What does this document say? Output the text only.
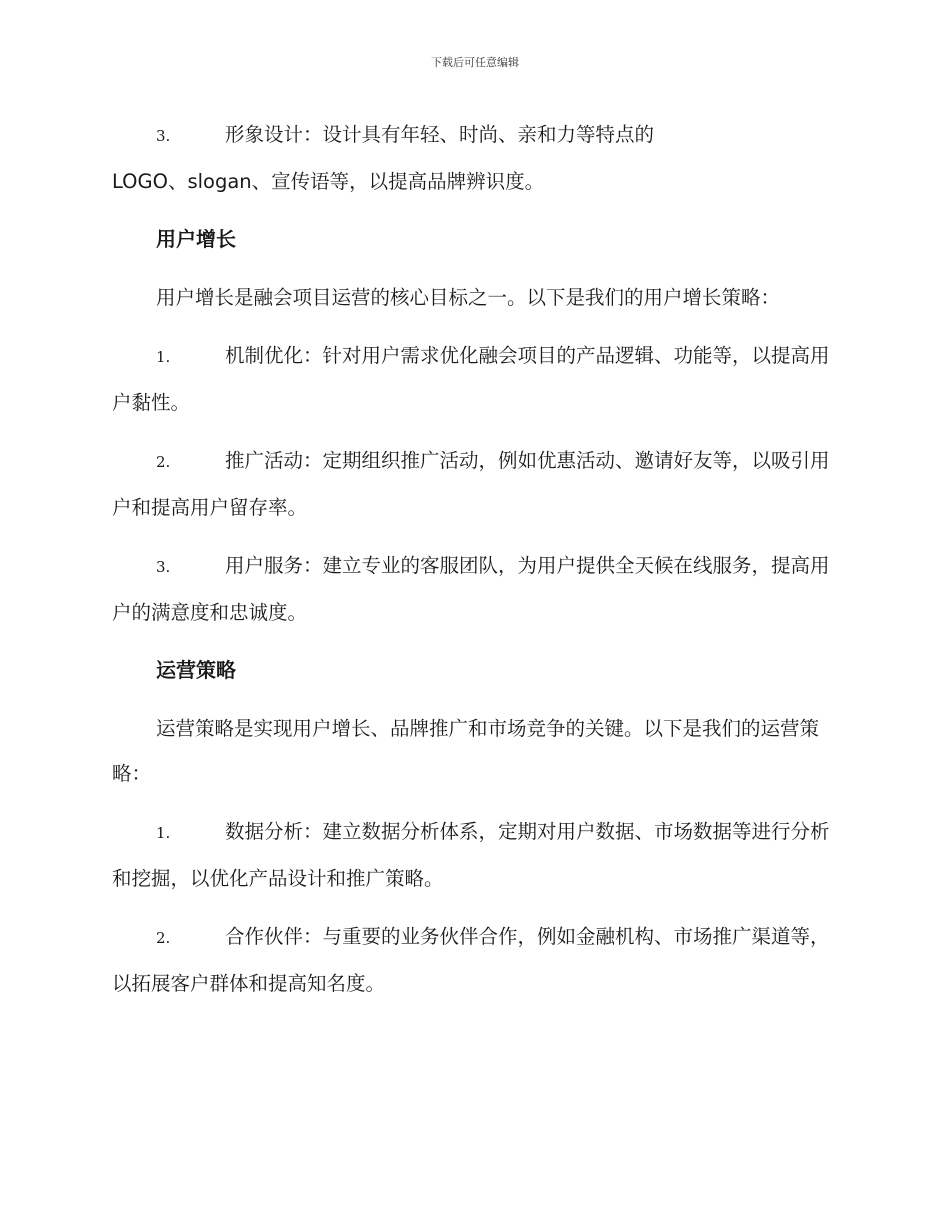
下载后可任意编辑
3.	形象设计：设计具有年轻、时尚、亲和力等特点的
LOGO、slogan、宣传语等，以提高品牌辨识度。
用户增长
用户增长是融会项目运营的核心目标之一。以下是我们的用户增长策略：
1.	机制优化：针对用户需求优化融会项目的产品逻辑、功能等，以提高用户黏性。
2.	推广活动：定期组织推广活动，例如优惠活动、邀请好友等，以吸引用户和提高用户留存率。
3.	用户服务：建立专业的客服团队，为用户提供全天候在线服务，提高用户的满意度和忠诚度。
运营策略
运营策略是实现用户增长、品牌推广和市场竞争的关键。以下是我们的运营策略：
1.	数据分析：建立数据分析体系，定期对用户数据、市场数据等进行分析和挖掘，以优化产品设计和推广策略。
2.	合作伙伴：与重要的业务伙伴合作，例如金融机构、市场推广渠道等，以拓展客户群体和提高知名度。
